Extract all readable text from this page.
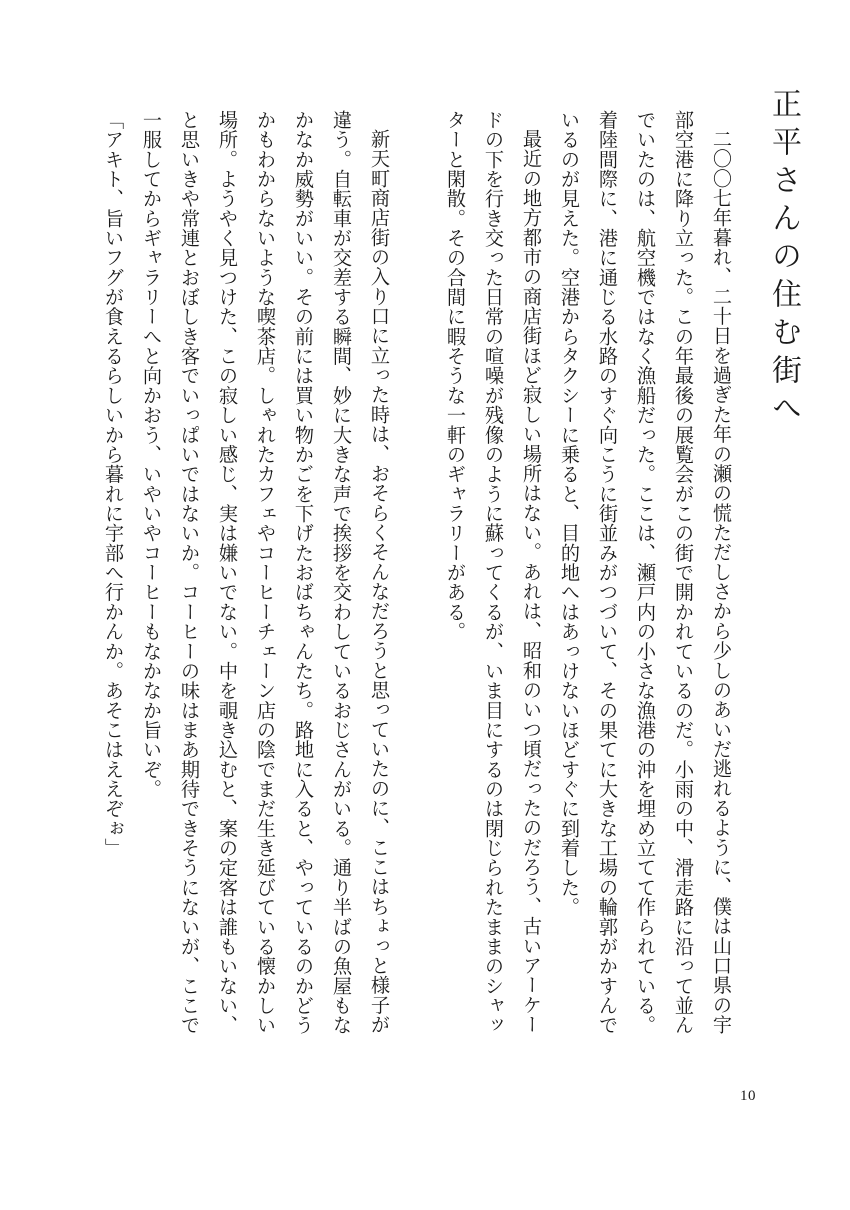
正平さんの住む街へ

二〇〇七年暮れ、二十日を過ぎた年の瀬の慌ただしさから少しのあいだ逃れるように、僕は山口県の宇部空港に降り立った。この年最後の展覧会がこの街で開かれているのだ。小雨の中、滑走路に沿って並んでいたのは、航空機ではなく漁船だった。ここは、瀬戸内の小さな漁港の沖を埋め立てて作られている。着陸間際に、港に通じる水路のすぐ向こうに街並みがつづいて、その果てに大きな工場の輪郭がかすんでいるのが見えた。空港からタクシーに乗ると、目的地へはあっけないほどすぐに到着した。

最近の地方都市の商店街ほど寂しい場所はない。あれは、昭和のいつ頃だったのだろう、古いアーケードの下を行き交った日常の喧噪が残像のように蘇ってくるが、いま目にするのは閉じられたままのシャッターと閑散。その合間に暇そうな一軒のギャラリーがある。

新天町商店街の入り口に立った時は、おそらくそんなだろうと思っていたのに、ここはちょっと様子が違う。自転車が交差する瞬間、妙に大きな声で挨拶を交わしているおじさんがいる。通り半ばの魚屋もなかなか威勢がいい。その前には買い物かごを下げたおばちゃんたち。路地に入ると、やっているのかどうかもわからないような喫茶店。しゃれたカフェやコーヒーチェーン店の陰でまだ生き延びている懐かしい場所。ようやく見つけた、この寂しい感じ、実は嫌いでない。中を覗き込むと、案の定客は誰もいない、と思いきや常連とおぼしき客でいっぱいではないか。コーヒーの味はまあ期待できそうにないが、ここで一服してからギャラリーへと向かおう、いやいやコーヒーもなかなか旨いぞ。

「アキト、旨いフグが食えるらしいから暮れに宇部へ行かんか。あそこはええぞぉ」

10
